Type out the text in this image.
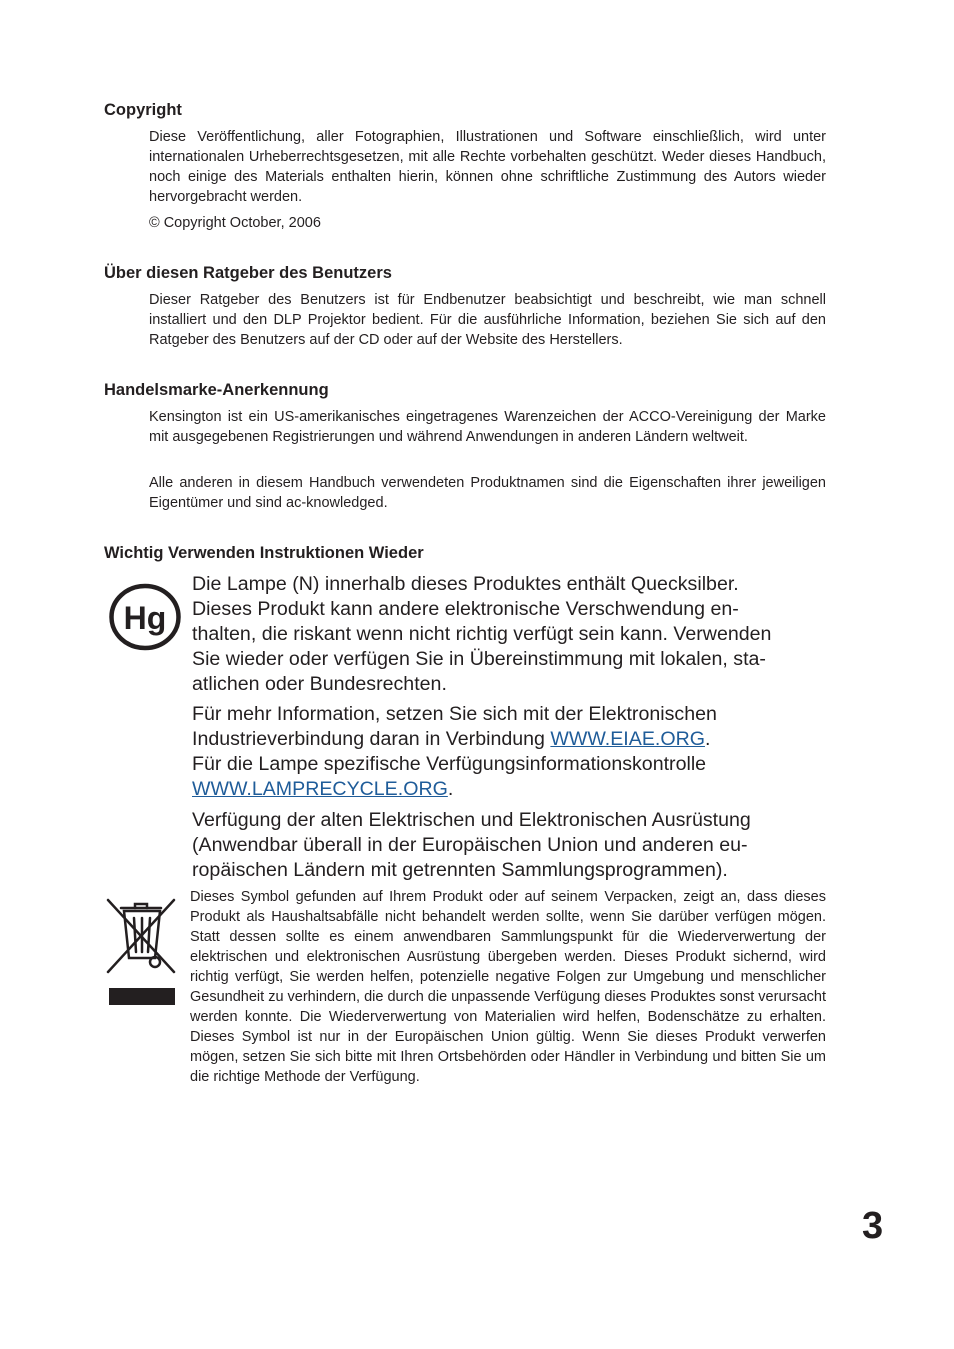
Copyright

Diese Veröffentlichung, aller Fotographien, Illustrationen und Software einschließlich, wird unter internationalen Urheberrechtsgesetzen, mit alle Rechte vorbehalten geschützt. Weder dieses Handbuch, noch einige des Materials enthalten hierin, können ohne schriftliche Zustimmung des Autors wieder hervorgebracht werden.

© Copyright October, 2006

Über diesen Ratgeber des Benutzers

Dieser Ratgeber des Benutzers ist für Endbenutzer beabsichtigt und beschreibt, wie man schnell installiert und den DLP Projektor bedient. Für die ausführliche Information, beziehen Sie sich auf den Ratgeber des Benutzers auf der CD oder auf der Website des Herstellers.

Handelsmarke-Anerkennung

Kensington ist ein US-amerikanisches eingetragenes Warenzeichen der ACCO-Vereinigung der Marke mit ausgegebenen Registrierungen und während Anwendungen in anderen Ländern weltweit.

Alle anderen in diesem Handbuch verwendeten Produktnamen sind die Eigenschaften ihrer jeweiligen Eigentümer und sind ac-knowledged.

Wichtig Verwenden Instruktionen Wieder
Hg
Die Lampe (N) innerhalb dieses Produktes enthält Quecksilber.
Dieses Produkt kann andere elektronische Verschwendung en-
thalten, die riskant wenn nicht richtig verfügt sein kann. Verwenden
Sie wieder oder verfügen Sie in Übereinstimmung mit lokalen, sta-
atlichen oder Bundesrechten.
Für mehr Information, setzen Sie sich mit der Elektronischen
Industrieverbindung daran in Verbindung WWW.EIAE.ORG.
Für die Lampe spezifische Verfügungsinformationskontrolle
WWW.LAMPRECYCLE.ORG.
Verfügung der alten Elektrischen und Elektronischen Ausrüstung
(Anwendbar überall in der Europäischen Union und anderen eu-
ropäischen Ländern mit getrennten Sammlungsprogrammen).

Dieses Symbol gefunden auf Ihrem Produkt oder auf seinem Verpacken, zeigt an, dass dieses Produkt als Haushaltsabfälle nicht behandelt werden sollte, wenn Sie darüber verfügen mögen. Statt dessen sollte es einem anwendbaren Sammlungspunkt für die Wiederverwertung der elektrischen und elektronischen Ausrüstung übergeben werden. Dieses Produkt sichernd, wird richtig verfügt, Sie werden helfen, potenzielle negative Folgen zur Umgebung und menschlicher Gesundheit zu verhindern, die durch die unpassende Verfügung dieses Produktes sonst verursacht werden konnte. Die Wiederverwertung von Materialien wird helfen, Bodenschätze zu erhalten. Dieses Symbol ist nur in der Europäischen Union gültig. Wenn Sie dieses Produkt verwerfen mögen, setzen Sie sich bitte mit Ihren Ortsbehörden oder Händler in Verbindung und bitten Sie um die richtige Methode der Verfügung.

3
